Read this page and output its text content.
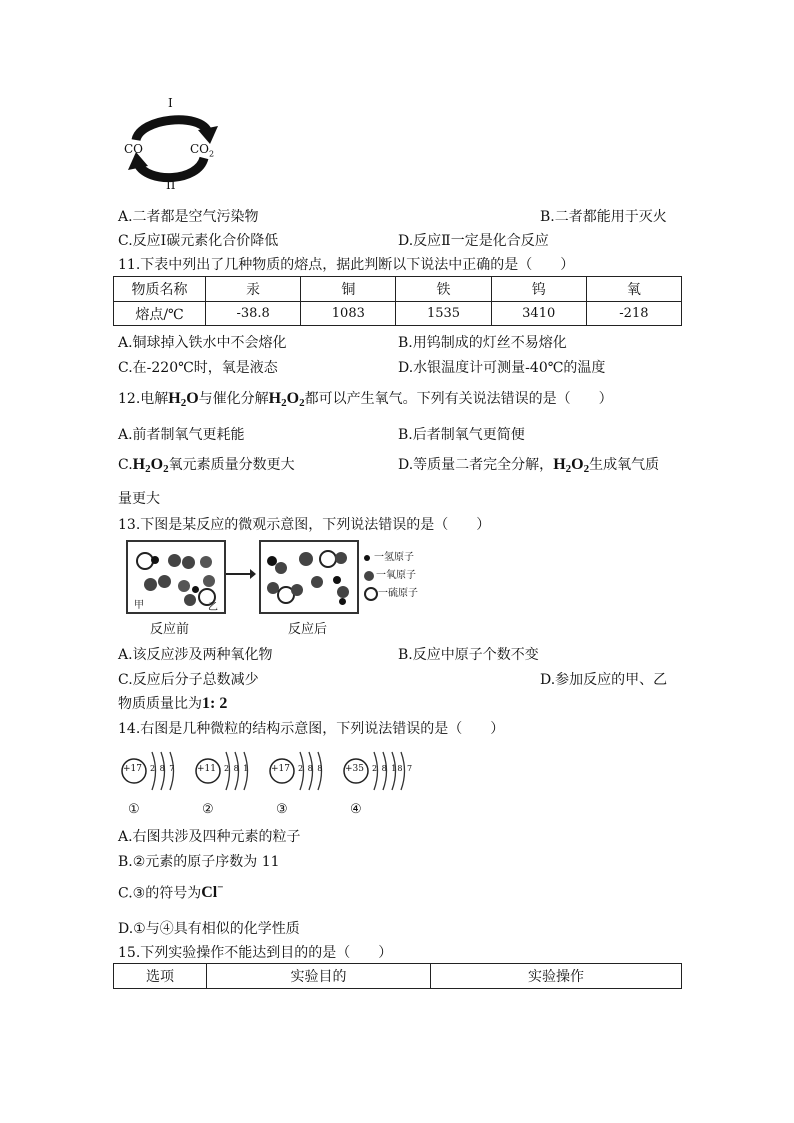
I
II
CO	$CO_2$
A.二者都是空气污染物	B.二者都能用于灭火
C.反应Ⅰ碳元素化合价降低	D.反应Ⅱ一定是化合反应
11.下表中列出了几种物质的熔点，据此判断以下说法中正确的是（　　）
物质名称	汞	铜	铁	钨	氧
熔点/℃	-38.8	1083	1535	3410	-218
A.铜球掉入铁水中不会熔化	B.用钨制成的灯丝不易熔化
C.在-220℃时，氧是液态	D.水银温度计可测量-40℃的温度
12.电解$H_2O$与催化分解$H_2O_2$都可以产生氧气。下列有关说法错误的是（　　）
A.前者制氧气更耗能	B.后者制氧气更简便
$C.H_2O_2$氧元素质量分数更大	D.等质量二者完全分解，$H_2O_2$生成氧气质
量更大
13.下图是某反应的微观示意图，下列说法错误的是（　　）
甲	乙
一氢原子
一氧原子
一硫原子
反应前	反应后
A.该反应涉及两种氧化物	B.反应中原子个数不变
C.反应后分子总数减少	D.参加反应的甲、乙
物质质量比为1: 2
14.右图是几种微粒的结构示意图，下列说法错误的是（　　）
+17 2 8 7
①
+11 2 8 1
②
+17 2 8 8
③
+35 2 8 18 7
④
A.右图共涉及四种元素的粒子
B.②元素的原子序数为 11
C.③的符号为Cl−
D.①与④具有相似的化学性质
15.下列实验操作不能达到目的的是（　　）
选项	实验目的	实验操作
